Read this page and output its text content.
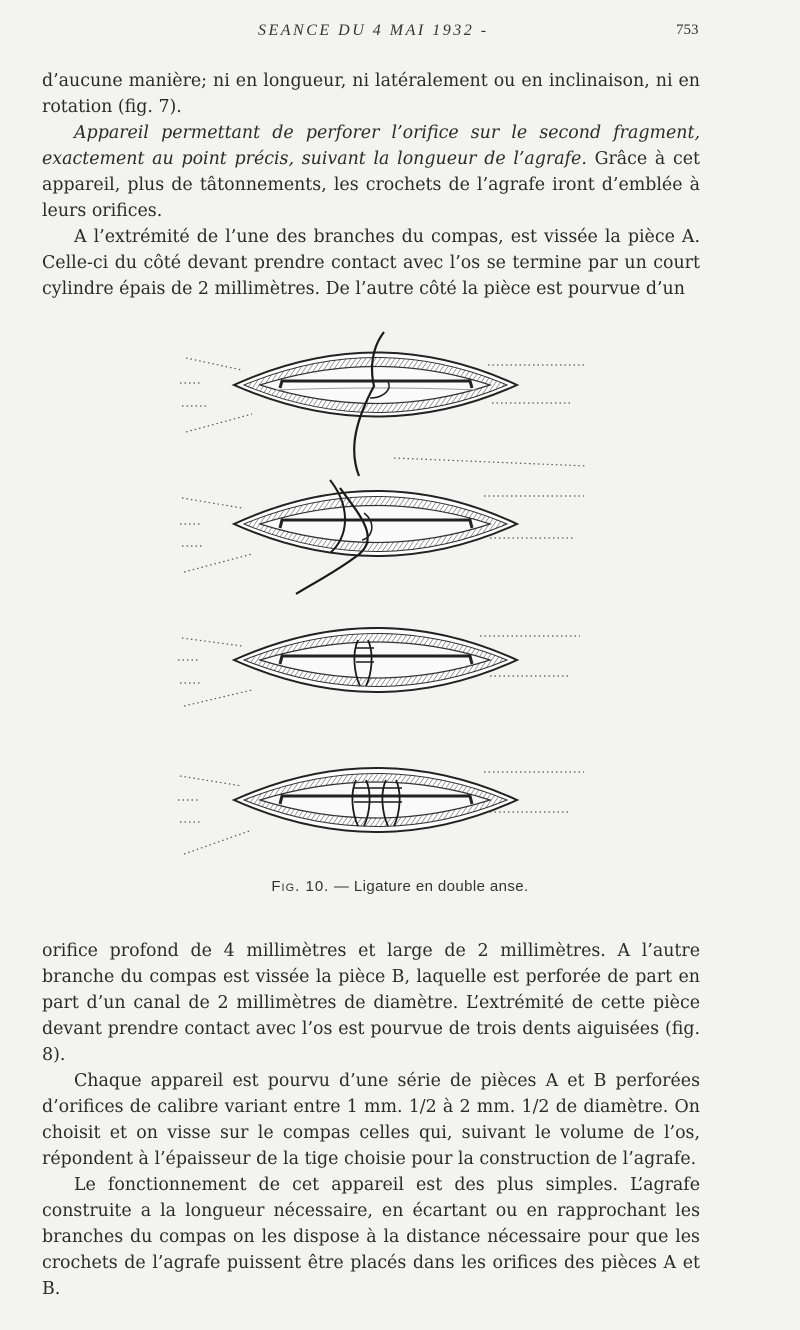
SEANCE DU 4 MAI 1932 -	753

d’aucune manière; ni en longueur, ni latéralement ou en inclinaison, ni en rotation (fig. 7).

Appareil permettant de perforer l’orifice sur le second fragment, exactement au point précis, suivant la longueur de l’agrafe. Grâce à cet appareil, plus de tâtonnements, les crochets de l’agrafe iront d’emblée à leurs orifices.

A l’extrémité de l’une des branches du compas, est vissée la pièce A. Celle-ci du côté devant prendre contact avec l’os se termine par un court cylindre épais de 2 millimètres. De l’autre côté la pièce est pourvue d’un

Fig. 10. — Ligature en double anse.

orifice profond de 4 millimètres et large de 2 millimètres. A l’autre branche du compas est vissée la pièce B, laquelle est perforée de part en part d’un canal de 2 millimètres de diamètre. L’extrémité de cette pièce devant prendre contact avec l’os est pourvue de trois dents aiguisées (fig. 8).

Chaque appareil est pourvu d’une série de pièces A et B perforées d’orifices de calibre variant entre 1 mm. 1/2 à 2 mm. 1/2 de diamètre. On choisit et on visse sur le compas celles qui, suivant le volume de l’os, répondent à l’épaisseur de la tige choisie pour la construction de l’agrafe.

Le fonctionnement de cet appareil est des plus simples. L’agrafe construite a la longueur nécessaire, en écartant ou en rapprochant les branches du compas on les dispose à la distance nécessaire pour que les crochets de l’agrafe puissent être placés dans les orifices des pièces A et B.
